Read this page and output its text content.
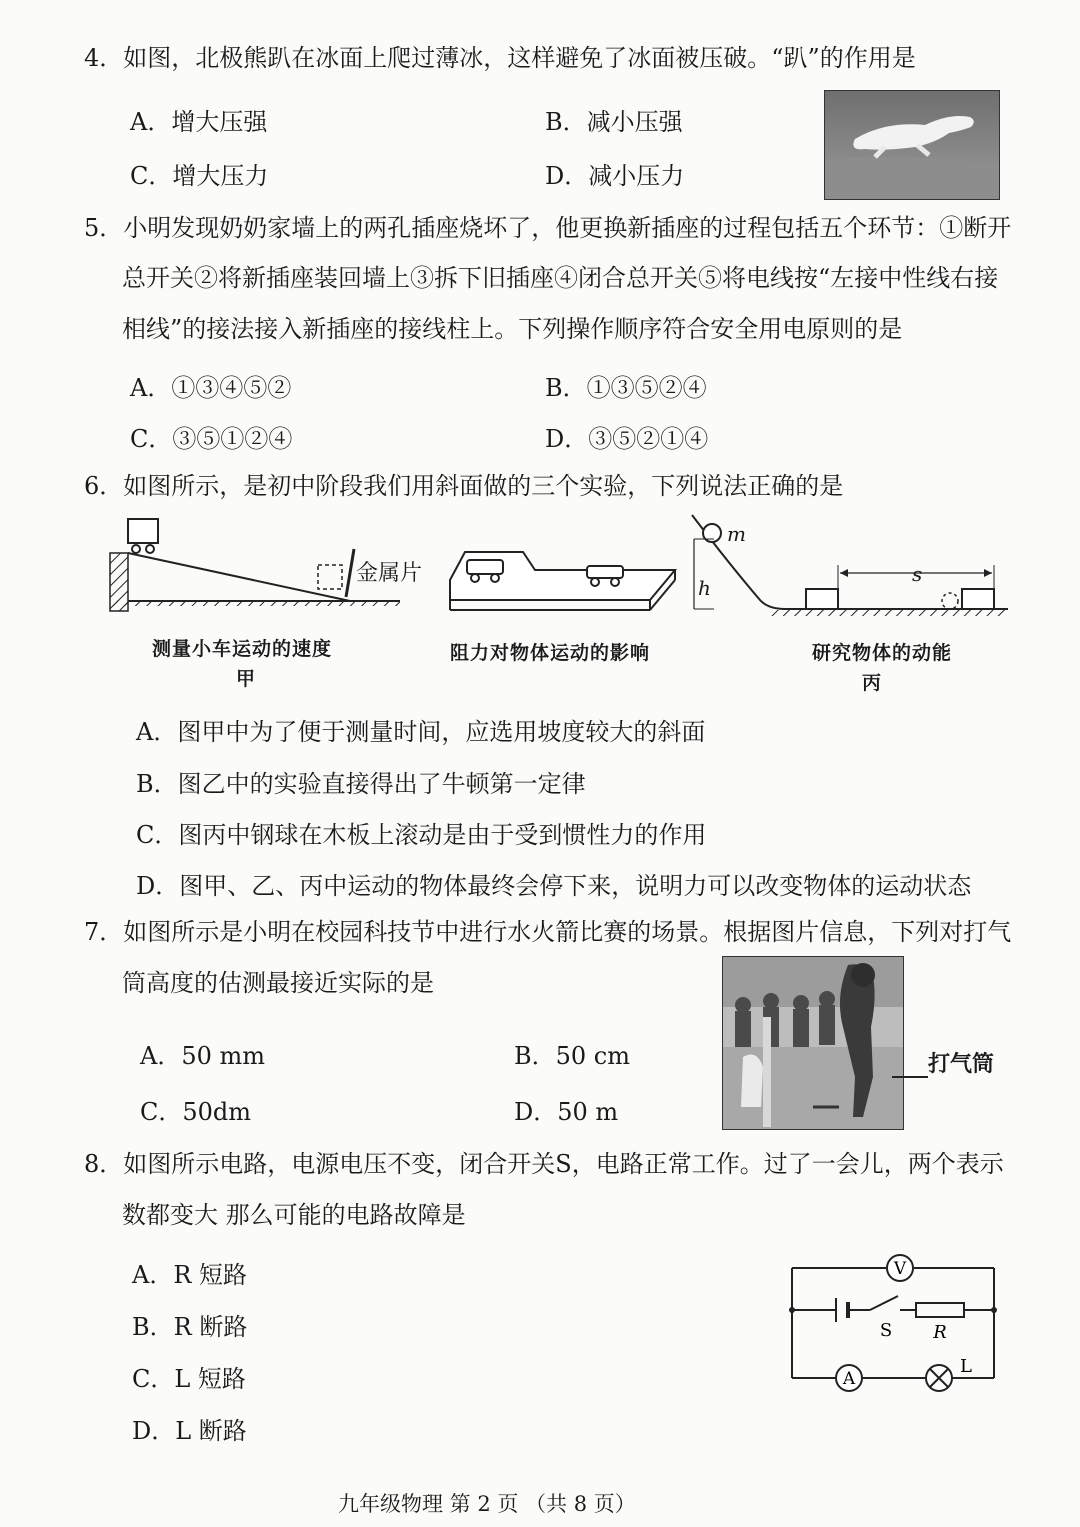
4．如图，北极熊趴在冰面上爬过薄冰，这样避免了冰面被压破。“趴”的作用是
A．增大压强	B．减小压强
C．增大压力	D．减小压力
5．小明发现奶奶家墙上的两孔插座烧坏了，他更换新插座的过程包括五个环节：①断开
总开关②将新插座装回墙上③拆下旧插座④闭合总开关⑤将电线按“左接中性线右接
相线”的接法接入新插座的接线柱上。下列操作顺序符合安全用电原则的是
A．①③④⑤②	B．①③⑤②④
C．③⑤①②④	D．③⑤②①④
6．如图所示，是初中阶段我们用斜面做的三个实验，下列说法正确的是
金属片
测量小车运动的速度
甲
阻力对物体运动的影响
m
h
s
研究物体的动能
丙
A．图甲中为了便于测量时间，应选用坡度较大的斜面
B．图乙中的实验直接得出了牛顿第一定律
C．图丙中钢球在木板上滚动是由于受到惯性力的作用
D．图甲、乙、丙中运动的物体最终会停下来，说明力可以改变物体的运动状态
7．如图所示是小明在校园科技节中进行水火箭比赛的场景。根据图片信息，下列对打气
筒高度的估测最接近实际的是
打气筒
A．50 mm	B．50 cm
C．50dm	D．50 m
8．如图所示电路，电源电压不变，闭合开关S，电路正常工作。过了一会儿，两个表示
数都变大 那么可能的电路故障是
A．R 短路
B．R 断路
C．L 短路
D．L 断路
V
A
S R
L
九年级物理 第 2 页 （共 8 页）
